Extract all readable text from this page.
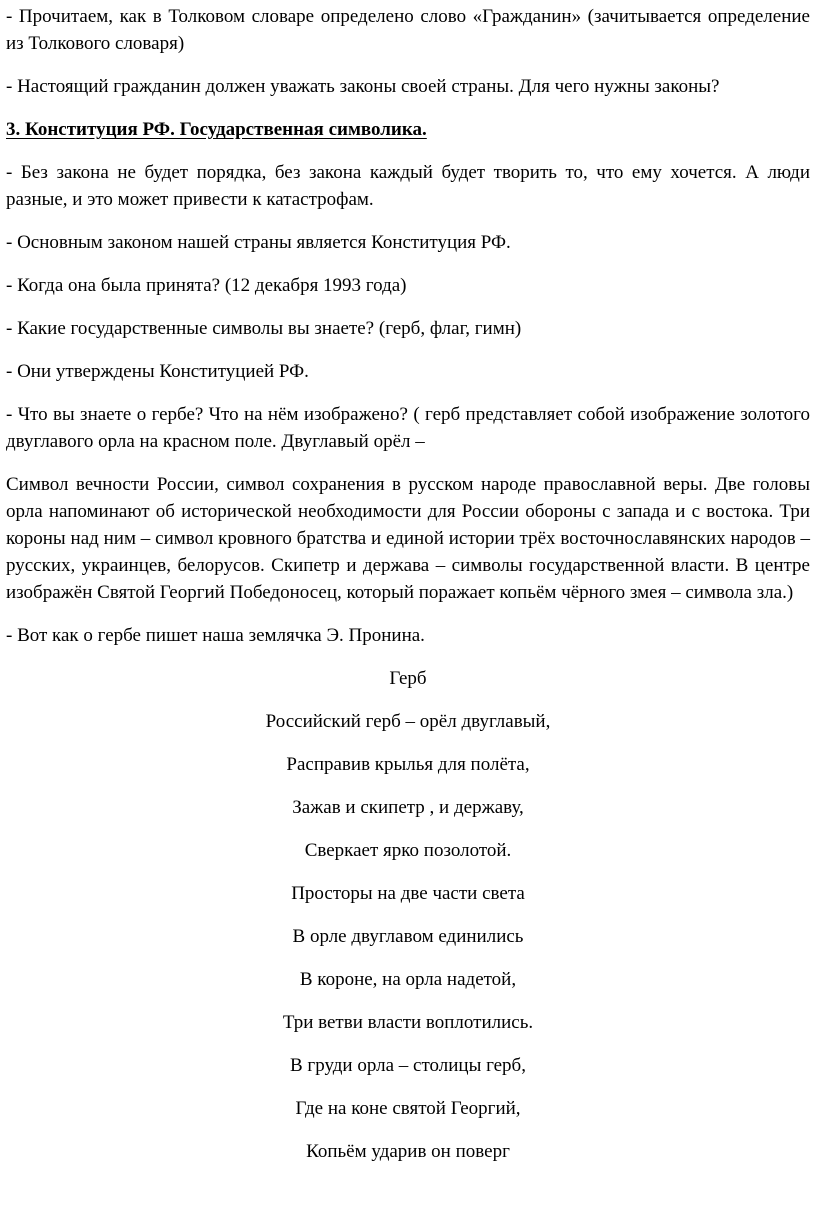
- Прочитаем, как в Толковом словаре определено слово «Гражданин» (зачитывается определение из Толкового словаря)

- Настоящий гражданин должен уважать законы своей страны. Для чего нужны законы?

3. Конституция РФ. Государственная символика.

- Без закона не будет порядка, без закона каждый будет творить то, что ему хочется. А люди разные, и это может привести к катастрофам.

- Основным законом нашей страны является Конституция РФ.

- Когда она была принята? (12 декабря 1993 года)

- Какие государственные символы вы знаете? (герб, флаг, гимн)

- Они утверждены Конституцией РФ.

- Что вы знаете о гербе? Что на нём изображено? ( герб представляет собой изображение золотого двуглавого орла на красном поле. Двуглавый орёл –

Символ вечности России, символ сохранения в русском народе православной веры. Две головы орла напоминают об исторической необходимости для России обороны с запада и с востока. Три короны над ним – символ кровного братства и единой истории трёх восточнославянских народов – русских, украинцев, белорусов. Скипетр и держава – символы государственной власти. В центре изображён Святой Георгий Победоносец, который поражает копьём чёрного змея – символа зла.)

- Вот как о гербе пишет наша землячка Э. Пронина.

Герб

Российский герб – орёл двуглавый,

Расправив крылья для полёта,

Зажав и скипетр , и державу,

Сверкает ярко позолотой.

Просторы на две части света

В орле двуглавом единились

В короне, на орла надетой,

Три ветви власти воплотились.

В груди орла – столицы герб,

Где на коне святой Георгий,

Копьём ударив он поверг
